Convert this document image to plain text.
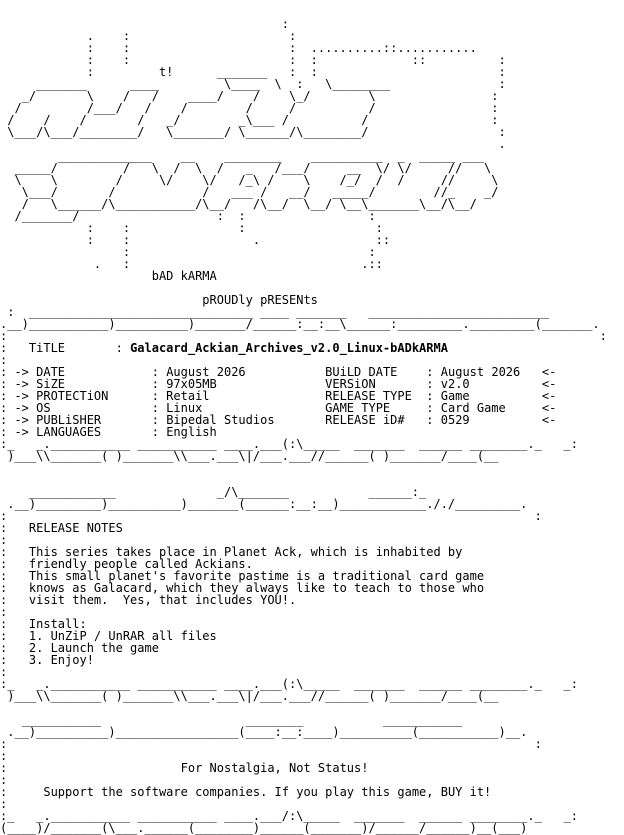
:
.    :                      :
:    :                      :  ..........::...........
:    :                      :  :             ::          :
:         t!      _______   :  :                         :
_______      ____         \____  \  :   \________               :
_/       \    /   /    ____/    /    \_/        \                :
/         /___/   /    /        /     /          /                :
/    /    /       /   _/        _\___ /          /                 :
\___/\___/________/   \_______/ \______/\________/                  :
.
_____________    __    ________    __________  _  _____ ___
_____/         /   \  /  \  /   _   /___/     __  \/ \/     //   \
\    \        /     \/    \/   /_\ /    \    /_/  /  /     //     \
\___/       /            /   ___ /   __/   _____/        //_    _/
/   \______/\___________/\__/   /\__/  \__/ \__\_______\__/\__/
/_______/                   :  :                 :
:    :               :                  :
:    :                 .                ::
:                                 :
.   :                                .::
bAD kARMA

pROUDly pRESENts
:  _______________________________ ____ _______   _________________________
.__)___________)__________)_______/______:__:__\______:_________._________(_______.
:                                                                                  :
:   TiTLE       : Galacard_Ackian_Archives_v2.0_Linux-bADkARMA
:
: -> DATE            : August 2026	BUiLD DATE    : August 2026   <-
: -> SiZE            : 97x05MB	VERSiON       : v2.0	<-
: -> PROTECTiON      : Retail	RELEASE TYPE  : Game	<-
: -> OS              : Linux	GAME TYPE     : Card Game	<-
: -> PUBLiSHER       : Bipedal Studios	RELEASE iD#   : 0529	<-
: -> LANGUAGES       : English
:_   _.___________ ___________ ____.___(:\_____  _______  ______ ________._   _:
)___\\_______( )_______\\___.___\|/___.___//______( )_______/____(__

____________              _/\_______           ______:_
.__)_________)__________)_______(______:__:__)____________././_________.
:                                                                         :
:   RELEASE NOTES
:
:   This series takes place in Planet Ack, which is inhabited by
:   friendly people called Ackians.
:   This small planet's favorite pastime is a traditional card game
:   knows as Galacard, which they always like to teach to those who
:   visit them.  Yes, that includes YOU!.
:
:   Install:
:   1. UnZiP / UnRAR all files
:   2. Launch the game
:   3. Enjoy!
:
:_   _.___________ ___________ ____.___(:\_____  _______  ______ ________._   _:
)___\\_______( )_______\\___.___\|/___.___//______( )_______/____(__

___________                    ________           ___________
.__)__________)_________________(____:__:____)__________(___________)__.
:                                                                         :
:
:	For Nostalgia, Not Status!
:
:	Support the software companies. If you play this game, BUY it!
:
:_   _.___________ ___________ ____.___/:\_____  _______  ______ ________._   _:
(____)/_______(\___.______(________)______(_______)/______/______)__(___)
